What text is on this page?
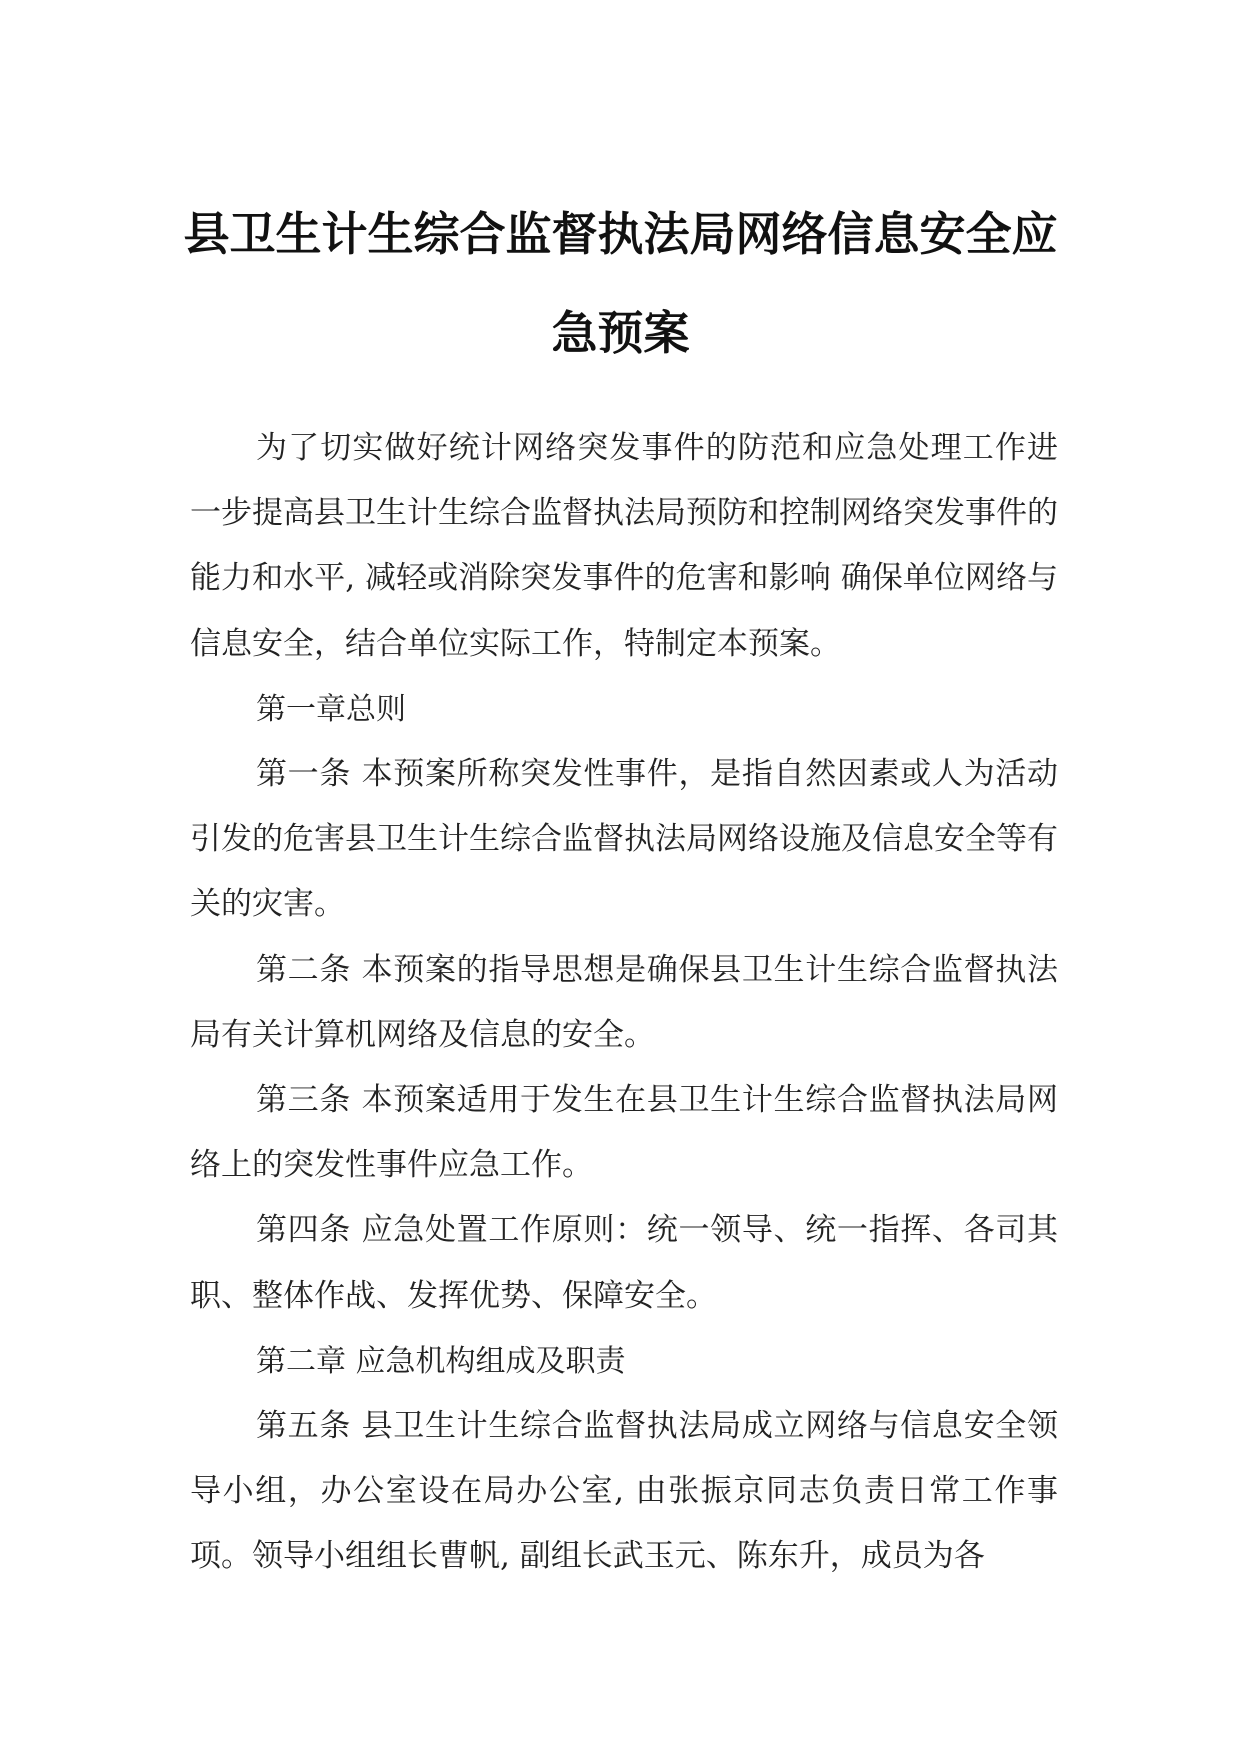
县卫生计生综合监督执法局网络信息安全应
急预案

为了切实做好统计网络突发事件的防范和应急处理工作进一步提高县卫生计生综合监督执法局预防和控制网络突发事件的能力和水平, 减轻或消除突发事件的危害和影响 确保单位网络与信息安全，结合单位实际工作，特制定本预案。

第一章总则

第一条 本预案所称突发性事件，是指自然因素或人为活动引发的危害县卫生计生综合监督执法局网络设施及信息安全等有关的灾害。

第二条 本预案的指导思想是确保县卫生计生综合监督执法局有关计算机网络及信息的安全。

第三条 本预案适用于发生在县卫生计生综合监督执法局网络上的突发性事件应急工作。

第四条 应急处置工作原则：统一领导、统一指挥、各司其职、整体作战、发挥优势、保障安全。

第二章 应急机构组成及职责

第五条 县卫生计生综合监督执法局成立网络与信息安全领导小组，办公室设在局办公室, 由张振京同志负责日常工作事项。领导小组组长曹帆, 副组长武玉元、陈东升，成员为各
